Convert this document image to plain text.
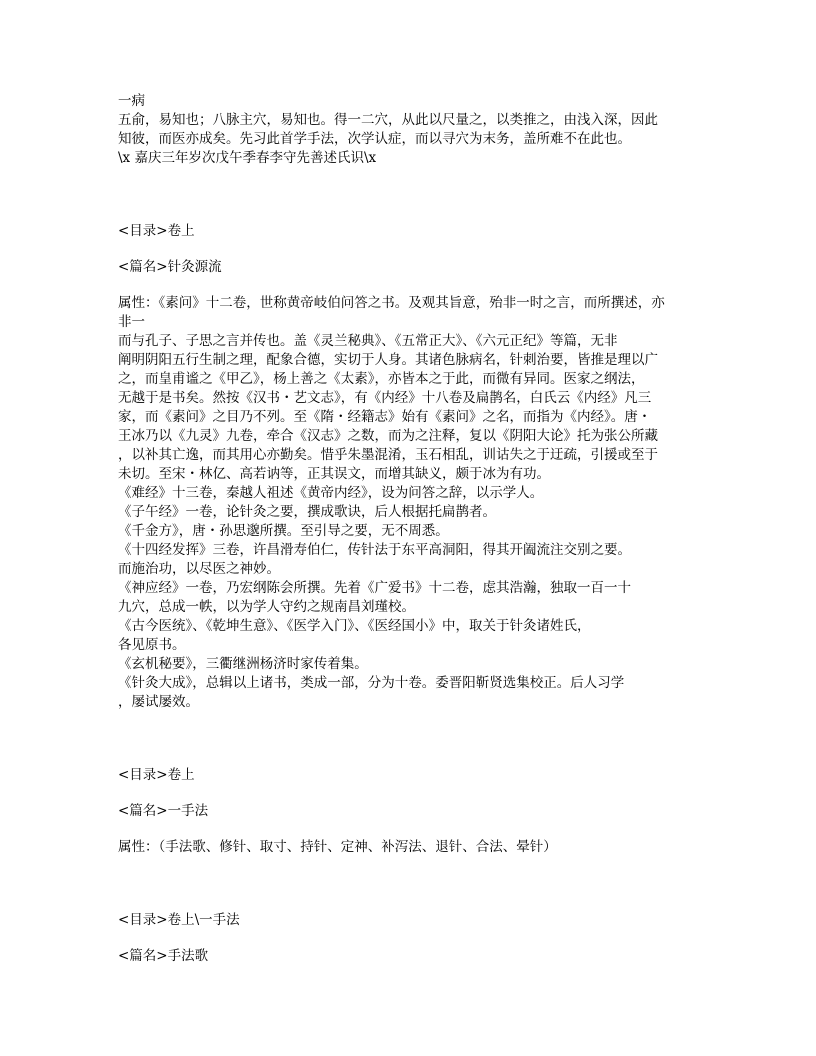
一病
五俞，易知也；八脉主穴，易知也。得一二穴，从此以尺量之，以类推之，由浅入深，因此
知彼，而医亦成矣。先习此首学手法，次学认症，而以寻穴为末务，盖所难不在此也。
\x 嘉庆三年岁次戊午季春李守先善述氏识\x
<目录>卷上
<篇名>针灸源流
属性：《素问》十二卷，世称黄帝岐伯问答之书。及观其旨意，殆非一时之言，而所撰述，亦
非一
而与孔子、子思之言并传也。盖《灵兰秘典》、《五常正大》、《六元正纪》等篇，无非
阐明阴阳五行生制之理，配象合德，实切于人身。其诸色脉病名，针刺治要，皆推是理以广
之，而皇甫谧之《甲乙》，杨上善之《太素》，亦皆本之于此，而微有异同。医家之纲法，
无越于是书矣。然按《汉书・艺文志》，有《内经》十八卷及扁鹊名，白氏云《内经》凡三
家，而《素问》之目乃不列。至《隋・经籍志》始有《素问》之名，而指为《内经》。唐・
王冰乃以《九灵》九卷，牵合《汉志》之数，而为之注释，复以《阴阳大论》托为张公所藏
，以补其亡逸，而其用心亦勤矣。惜乎朱墨混淆，玉石相乱，训诂失之于迂疏，引援或至于
未切。至宋・林亿、高若讷等，正其误文，而增其缺义，颇于冰为有功。
《难经》十三卷，秦越人祖述《黄帝内经》，设为问答之辞，以示学人。
《子午经》一卷，论针灸之要，撰成歌诀，后人根据托扁鹊者。
《千金方》，唐・孙思邈所撰。至引导之要，无不周悉。
《十四经发挥》三卷，许昌滑寿伯仁，传针法于东平高洞阳，得其开阖流注交别之要。
而施治功，以尽医之神妙。
《神应经》一卷，乃宏纲陈会所撰。先着《广爱书》十二卷，虑其浩瀚，独取一百一十
九穴，总成一帙，以为学人守约之规南昌刘瑾校。
《古今医统》、《乾坤生意》、《医学入门》、《医经国小》中，取关于针灸诸姓氏，
各见原书。
《玄机秘要》，三衢继洲杨济时家传着集。
《针灸大成》，总辑以上诸书，类成一部，分为十卷。委晋阳靳贤选集校正。后人习学
，屡试屡效。
<目录>卷上
<篇名>一手法
属性：（手法歌、修针、取寸、持针、定神、补泻法、退针、合法、晕针）
<目录>卷上\一手法
<篇名>手法歌
